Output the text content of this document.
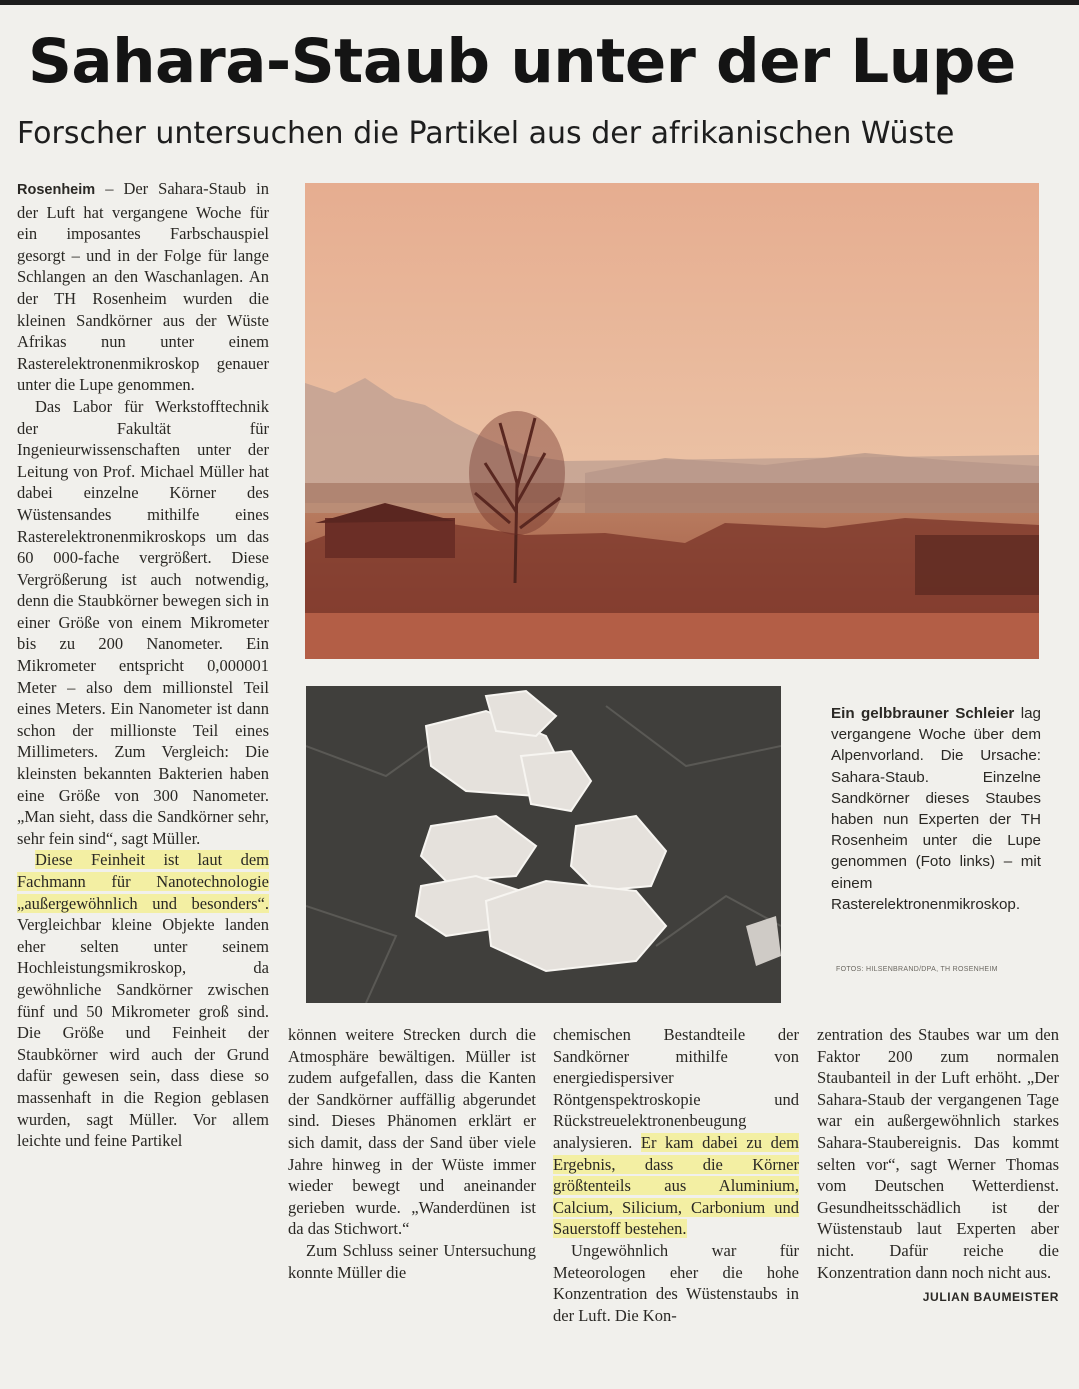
Sahara-Staub unter der Lupe
Forscher untersuchen die Partikel aus der afrikanischen Wüste

Rosenheim – Der Sahara-Staub in der Luft hat vergangene Woche für ein imposantes Farbschauspiel gesorgt – und in der Folge für lange Schlangen an den Waschanlagen. An der TH Rosenheim wurden die kleinen Sandkörner aus der Wüste Afrikas nun unter einem Rasterelektronenmikroskop genauer unter die Lupe genommen.

Das Labor für Werkstofftechnik der Fakultät für Ingenieurwissenschaften unter der Leitung von Prof. Michael Müller hat dabei einzelne Körner des Wüstensandes mithilfe eines Rasterelektronenmikroskops um das 60 000-fache vergrößert. Diese Vergrößerung ist auch notwendig, denn die Staubkörner bewegen sich in einer Größe von einem Mikrometer bis zu 200 Nanometer. Ein Mikrometer entspricht 0,000001 Meter – also dem millionstel Teil eines Meters. Ein Nanometer ist dann schon der millionste Teil eines Millimeters. Zum Vergleich: Die kleinsten bekannten Bakterien haben eine Größe von 300 Nanometer. „Man sieht, dass die Sandkörner sehr, sehr fein sind“, sagt Müller.

Diese Feinheit ist laut dem Fachmann für Nanotechnologie „außergewöhnlich und besonders“. Vergleichbar kleine Objekte landen eher selten unter seinem Hochleistungsmikroskop, da gewöhnliche Sandkörner zwischen fünf und 50 Mikrometer groß sind. Die Größe und Feinheit der Staubkörner wird auch der Grund dafür gewesen sein, dass diese so massenhaft in die Region geblasen wurden, sagt Müller. Vor allem leichte und feine Partikel

Ein gelbbrauner Schleier lag vergangene Woche über dem Alpenvorland. Die Ursache: Sahara-Staub. Einzelne Sandkörner dieses Staubes haben nun Experten der TH Rosenheim unter die Lupe genommen (Foto links) – mit einem Rasterelektronenmikroskop.
FOTOS: HILSENBRAND/DPA, TH ROSENHEIM

können weitere Strecken durch die Atmosphäre bewältigen. Müller ist zudem aufgefallen, dass die Kanten der Sandkörner auffällig abgerundet sind. Dieses Phänomen erklärt er sich damit, dass der Sand über viele Jahre hinweg in der Wüste immer wieder bewegt und aneinander gerieben wurde. „Wanderdünen ist da das Stichwort.“

Zum Schluss seiner Untersuchung konnte Müller die

chemischen Bestandteile der Sandkörner mithilfe von energiedispersiver Röntgenspektroskopie und Rückstreuelektronenbeugung analysieren. Er kam dabei zu dem Ergebnis, dass die Körner größtenteils aus Aluminium, Calcium, Silicium, Carbonium und Sauerstoff bestehen.

Ungewöhnlich war für Meteorologen eher die hohe Konzentration des Wüstenstaubs in der Luft. Die Kon-

zentration des Staubes war um den Faktor 200 zum normalen Staubanteil in der Luft erhöht. „Der Sahara-Staub der vergangenen Tage war ein außergewöhnlich starkes Sahara-Staubereignis. Das kommt selten vor“, sagt Werner Thomas vom Deutschen Wetterdienst. Gesundheitsschädlich ist der Wüstenstaub laut Experten aber nicht. Dafür reiche die Konzentration dann noch nicht aus.
JULIAN BAUMEISTER
